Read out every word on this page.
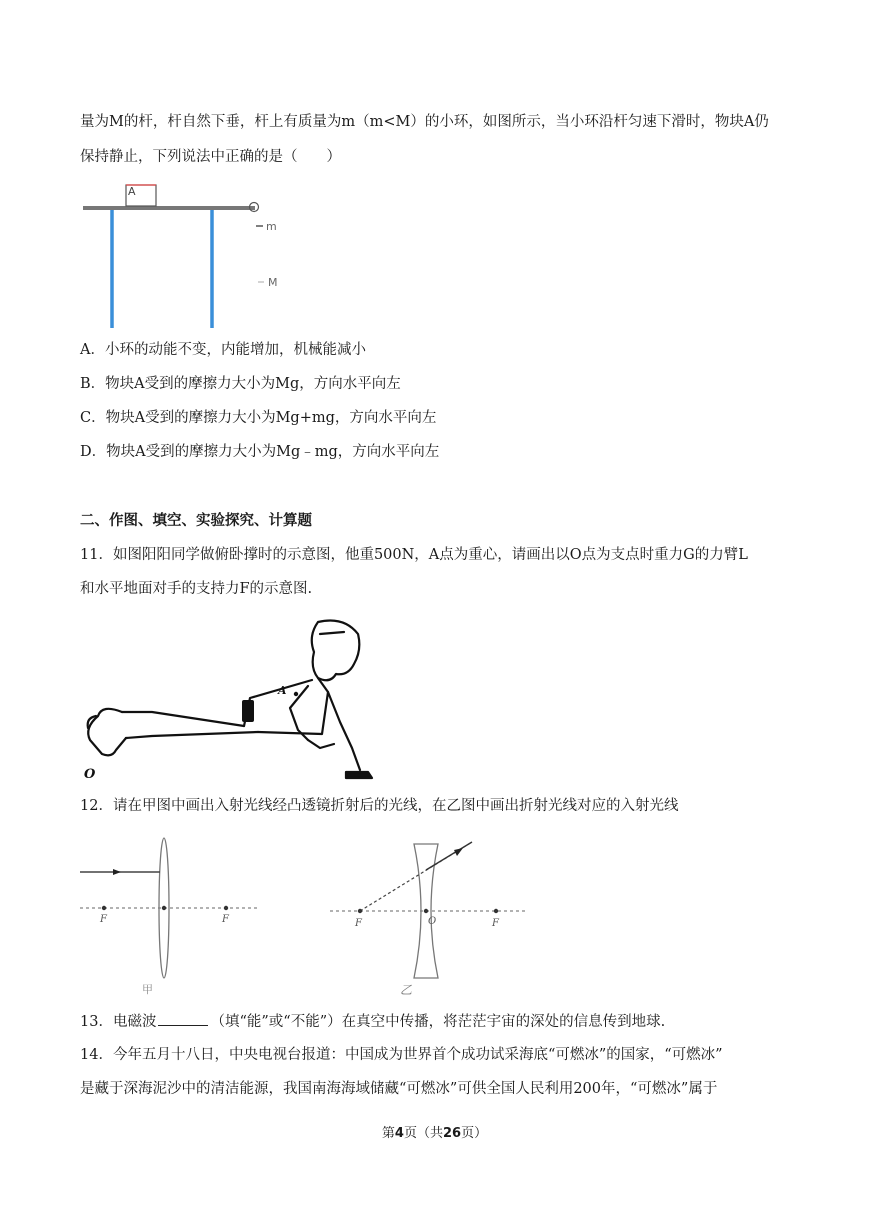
量为M的杆，杆自然下垂，杆上有质量为m（m<M）的小环，如图所示，当小环沿杆匀速下滑时，物块A仍
保持静止，下列说法中正确的是（　　）
A
m
M
A．小环的动能不变，内能增加，机械能减小
B．物块A受到的摩擦力大小为Mg，方向水平向左
C．物块A受到的摩擦力大小为Mg+mg，方向水平向左
D．物块A受到的摩擦力大小为Mg﹣mg，方向水平向左
二、作图、填空、实验探究、计算题
11．如图阳阳同学做俯卧撑时的示意图，他重500N，A点为重心，请画出以O点为支点时重力G的力臂L
和水平地面对手的支持力F的示意图.
A
O
12．请在甲图中画出入射光线经凸透镜折射后的光线，在乙图中画出折射光线对应的入射光线
F	F
甲
F	O	F
乙
13．电磁波	（填“能”或“不能”）在真空中传播，将茫茫宇宙的深处的信息传到地球.
14．今年五月十八日，中央电视台报道：中国成为世界首个成功试采海底“可燃冰”的国家，“可燃冰”
是藏于深海泥沙中的清洁能源，我国南海海域储藏“可燃冰”可供全国人民利用200年，“可燃冰”属于
第4页（共26页）
